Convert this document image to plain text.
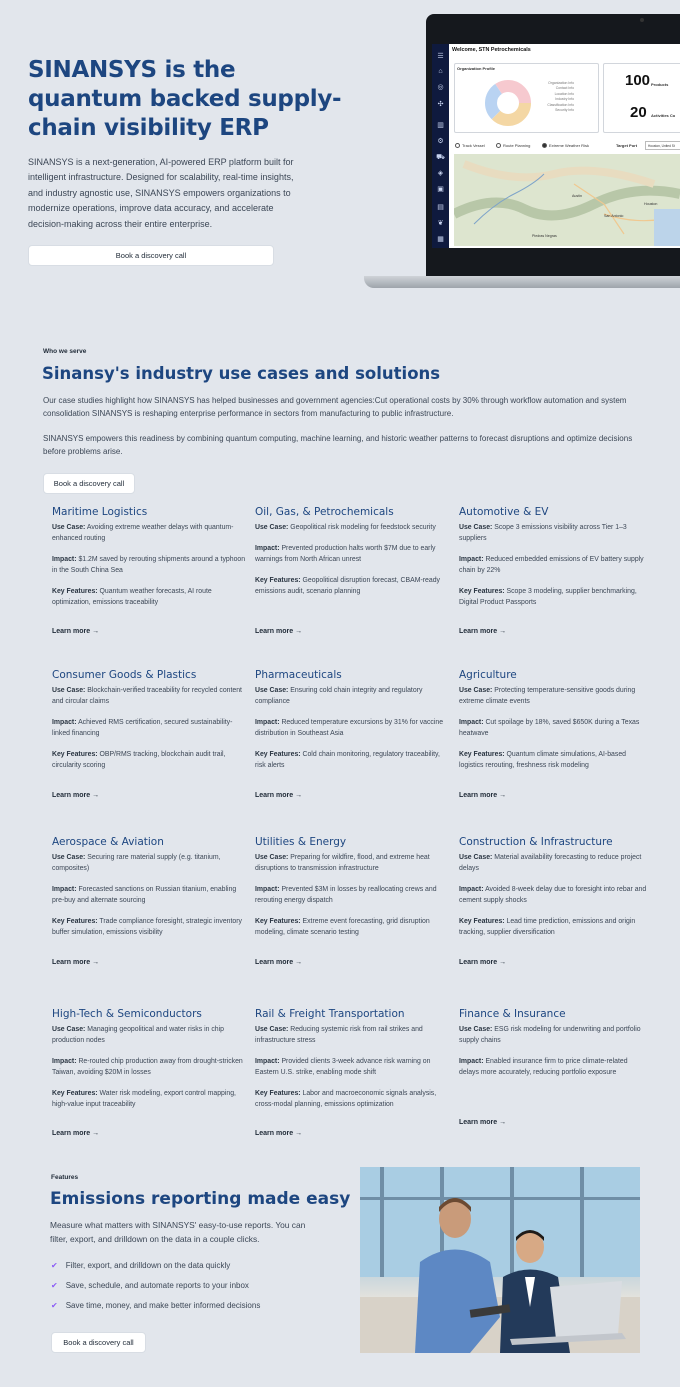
SINANSYS is the quantum backed supply-chain visibility ERP

SINANSYS is a next-generation, AI-powered ERP platform built for intelligent infrastructure. Designed for scalability, real-time insights, and industry agnostic use, SINANSYS empowers organizations to modernize operations, improve data accuracy, and accelerate decision-making across their entire enterprise.

Book a discovery call
☰
⌂
◎
✣
▥
⚙
⛟
◈
▣
▤
❦
▦
Welcome, STN Petrochemicals
Organization Profile
Organization Info
Contact Info
Location Info
Industry Info
Classification Info
Security Info
100 Products
20 Activities Co
Track Vessel	Route Planning	Extreme Weather Risk	Target Port	Houston, United St
Austin
San Antonio
Houston
Piedras Negras
Who we serve
Sinansy's industry use cases and solutions

Our case studies highlight how SINANSYS has helped businesses and government agencies:Cut operational costs by 30% through workflow automation and system consolidation SINANSYS is reshaping enterprise performance in sectors from manufacturing to public infrastructure.

SINANSYS empowers this readiness by combining quantum computing, machine learning, and historic weather patterns to forecast disruptions and optimize decisions before problems arise.

Book a discovery call
Maritime Logistics
Use Case: Avoiding extreme weather delays with quantum-enhanced routing
Impact: $1.2M saved by rerouting shipments around a typhoon in the South China Sea
Key Features: Quantum weather forecasts, AI route optimization, emissions traceability
Oil, Gas, & Petrochemicals
Use Case: Geopolitical risk modeling for feedstock security
Impact: Prevented production halts worth $7M due to early warnings from North African unrest
Key Features: Geopolitical disruption forecast, CBAM-ready emissions audit, scenario planning
Automotive & EV
Use Case: Scope 3 emissions visibility across Tier 1–3 suppliers
Impact: Reduced embedded emissions of EV battery supply chain by 22%
Key Features: Scope 3 modeling, supplier benchmarking, Digital Product Passports
Learn more →	Learn more →	Learn more →
Consumer Goods & Plastics
Use Case: Blockchain-verified traceability for recycled content and circular claims
Impact: Achieved RMS certification, secured sustainability-linked financing
Key Features: OBP/RMS tracking, blockchain audit trail, circularity scoring
Pharmaceuticals
Use Case: Ensuring cold chain integrity and regulatory compliance
Impact: Reduced temperature excursions by 31% for vaccine distribution in Southeast Asia
Key Features: Cold chain monitoring, regulatory traceability, risk alerts
Agriculture
Use Case: Protecting temperature-sensitive goods during extreme climate events
Impact: Cut spoilage by 18%, saved $650K during a Texas heatwave
Key Features: Quantum climate simulations, AI-based logistics rerouting, freshness risk modeling
Learn more →	Learn more →	Learn more →
Aerospace & Aviation
Use Case: Securing rare material supply (e.g. titanium, composites)
Impact: Forecasted sanctions on Russian titanium, enabling pre-buy and alternate sourcing
Key Features: Trade compliance foresight, strategic inventory buffer simulation, emissions visibility
Utilities & Energy
Use Case: Preparing for wildfire, flood, and extreme heat disruptions to transmission infrastructure
Impact: Prevented $3M in losses by reallocating crews and rerouting energy dispatch
Key Features: Extreme event forecasting, grid disruption modeling, climate scenario testing
Construction & Infrastructure
Use Case: Material availability forecasting to reduce project delays
Impact: Avoided 8-week delay due to foresight into rebar and cement supply shocks
Key Features: Lead time prediction, emissions and origin tracking, supplier diversification
Learn more →	Learn more →	Learn more →
High-Tech & Semiconductors
Use Case: Managing geopolitical and water risks in chip production nodes
Impact: Re-routed chip production away from drought-stricken Taiwan, avoiding $20M in losses
Key Features: Water risk modeling, export control mapping, high-value input traceability
Rail & Freight Transportation
Use Case: Reducing systemic risk from rail strikes and infrastructure stress
Impact: Provided clients 3-week advance risk warning on Eastern U.S. strike, enabling mode shift
Key Features: Labor and macroeconomic signals analysis, cross-modal planning, emissions optimization
Finance & Insurance
Use Case: ESG risk modeling for underwriting and portfolio supply chains
Impact: Enabled insurance firm to price climate-related delays more accurately, reducing portfolio exposure
Learn more →	Learn more →
Learn more →
Features
Emissions reporting made easy

Measure what matters with SINANSYS' easy-to-use reports. You can filter, export, and drilldown on the data in a couple clicks.

✔ Filter, export, and drilldown on the data quickly
✔ Save, schedule, and automate reports to your inbox
✔ Save time, money, and make better informed decisions
Book a discovery call
